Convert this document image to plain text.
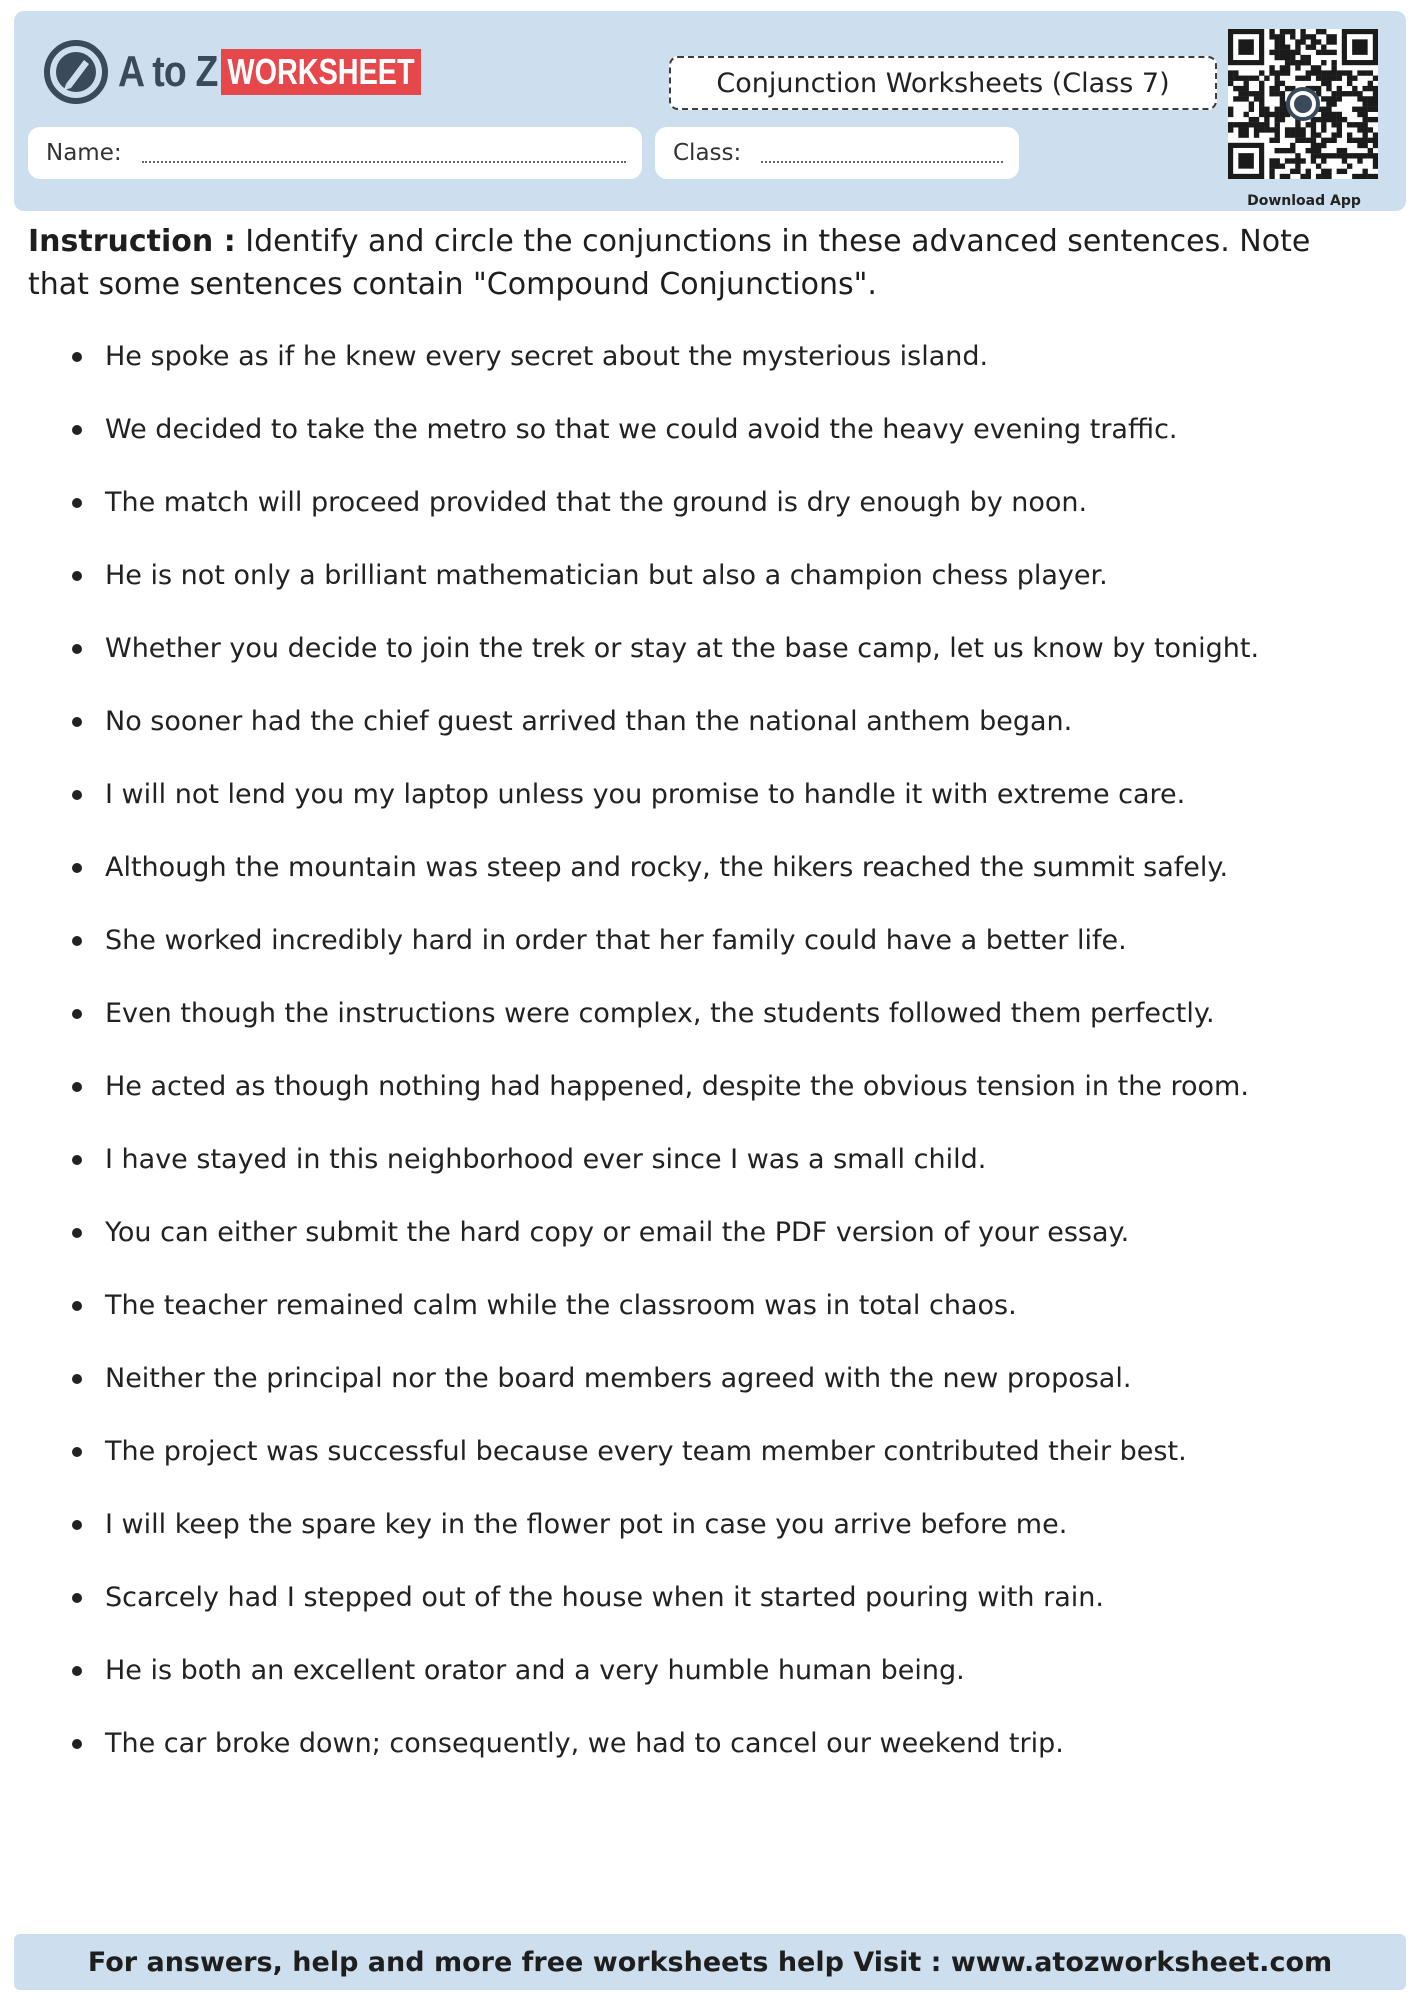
A to Z WORKSHEET	Conjunction Worksheets (Class 7)
Name:	Class:
Download App
Instruction : Identify and circle the conjunctions in these advanced sentences. Note that some sentences contain "Compound Conjunctions".
He spoke as if he knew every secret about the mysterious island.
We decided to take the metro so that we could avoid the heavy evening traffic.
The match will proceed provided that the ground is dry enough by noon.
He is not only a brilliant mathematician but also a champion chess player.
Whether you decide to join the trek or stay at the base camp, let us know by tonight.
No sooner had the chief guest arrived than the national anthem began.
I will not lend you my laptop unless you promise to handle it with extreme care.
Although the mountain was steep and rocky, the hikers reached the summit safely.
She worked incredibly hard in order that her family could have a better life.
Even though the instructions were complex, the students followed them perfectly.
He acted as though nothing had happened, despite the obvious tension in the room.
I have stayed in this neighborhood ever since I was a small child.
You can either submit the hard copy or email the PDF version of your essay.
The teacher remained calm while the classroom was in total chaos.
Neither the principal nor the board members agreed with the new proposal.
The project was successful because every team member contributed their best.
I will keep the spare key in the flower pot in case you arrive before me.
Scarcely had I stepped out of the house when it started pouring with rain.
He is both an excellent orator and a very humble human being.
The car broke down; consequently, we had to cancel our weekend trip.
For answers, help and more free worksheets help Visit : www.atozworksheet.com
